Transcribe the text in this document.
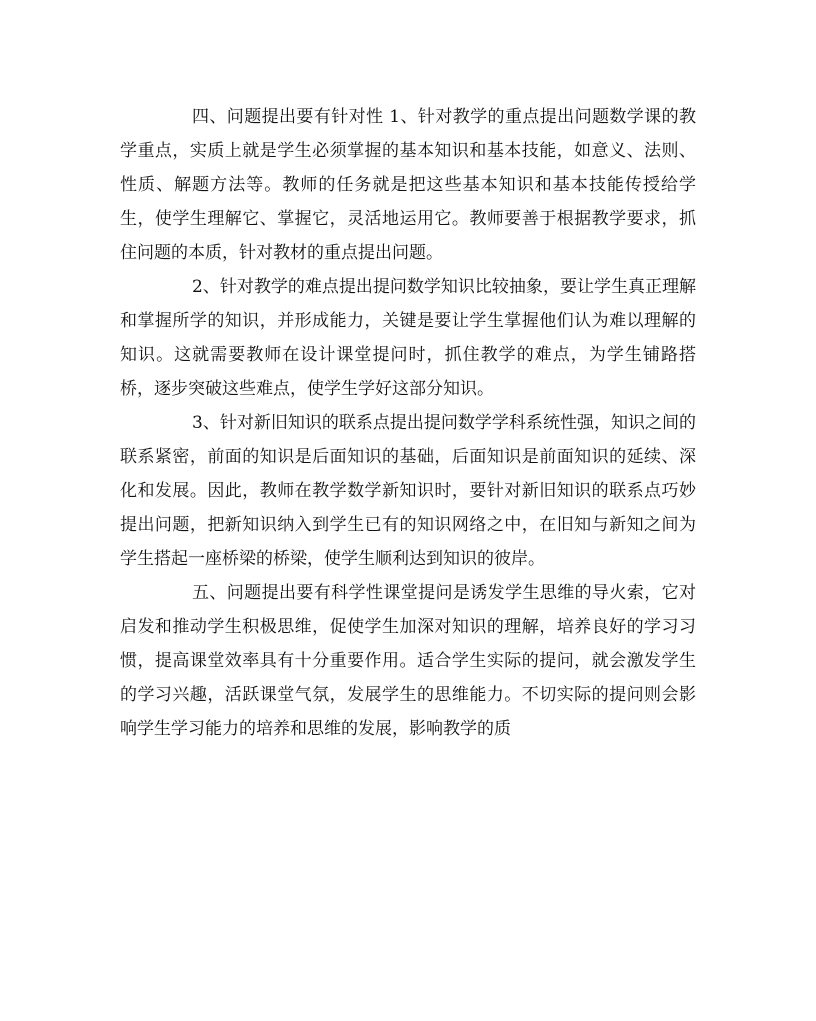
四、问题提出要有针对性 1、针对教学的重点提出问题数学课的教学重点，实质上就是学生必须掌握的基本知识和基本技能，如意义、法则、性质、解题方法等。教师的任务就是把这些基本知识和基本技能传授给学生，使学生理解它、掌握它，灵活地运用它。教师要善于根据教学要求，抓住问题的本质，针对教材的重点提出问题。

2、针对教学的难点提出提问数学知识比较抽象，要让学生真正理解和掌握所学的知识，并形成能力，关键是要让学生掌握他们认为难以理解的知识。这就需要教师在设计课堂提问时，抓住教学的难点，为学生铺路搭桥，逐步突破这些难点，使学生学好这部分知识。

3、针对新旧知识的联系点提出提问数学学科系统性强，知识之间的联系紧密，前面的知识是后面知识的基础，后面知识是前面知识的延续、深化和发展。因此，教师在教学数学新知识时，要针对新旧知识的联系点巧妙提出问题，把新知识纳入到学生已有的知识网络之中，在旧知与新知之间为学生搭起一座桥梁的桥梁，使学生顺利达到知识的彼岸。

五、问题提出要有科学性课堂提问是诱发学生思维的导火索，它对启发和推动学生积极思维，促使学生加深对知识的理解，培养良好的学习习惯，提高课堂效率具有十分重要作用。适合学生实际的提问，就会激发学生的学习兴趣，活跃课堂气氛，发展学生的思维能力。不切实际的提问则会影响学生学习能力的培养和思维的发展，影响教学的质
